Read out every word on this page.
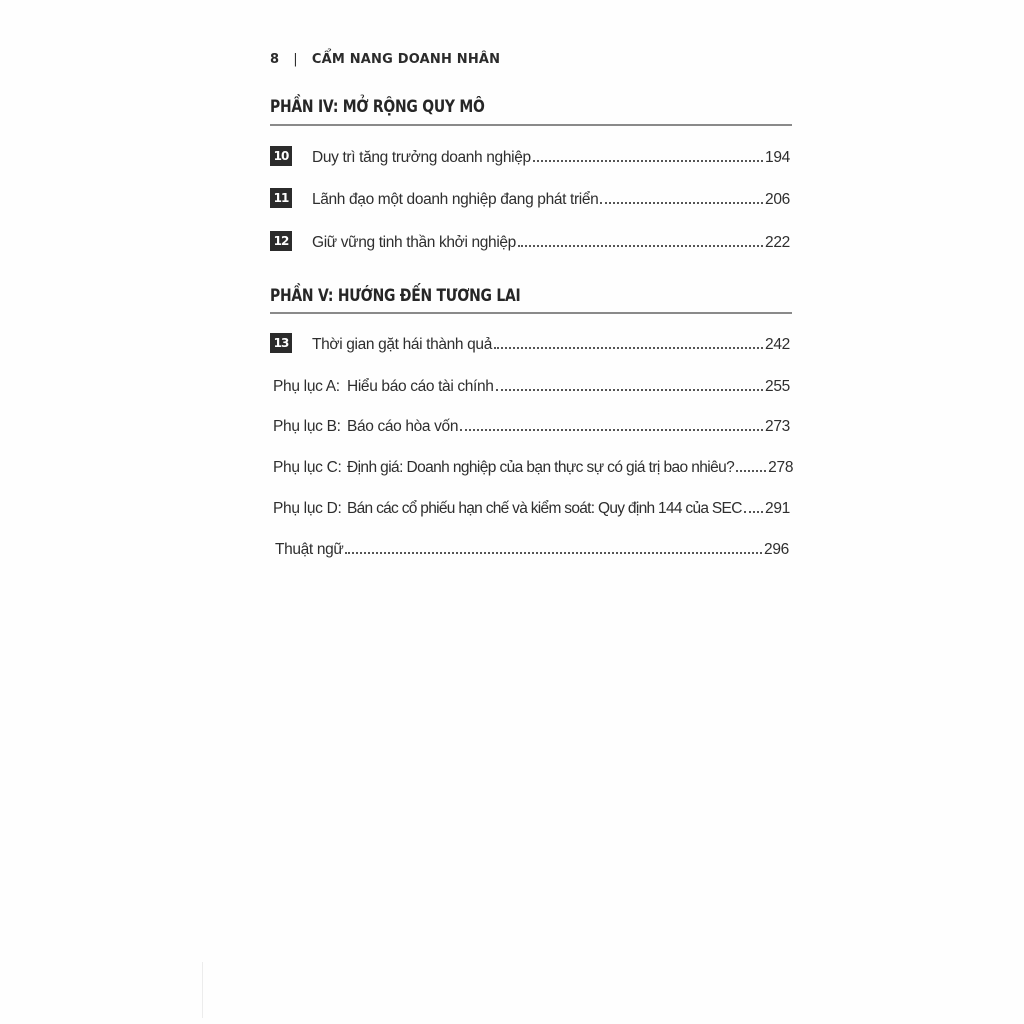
8 | CẨM NANG DOANH NHÂN
PHẦN IV: MỞ RỘNG QUY MÔ
10 Duy trì tăng trưởng doanh nghiệp	194
11 Lãnh đạo một doanh nghiệp đang phát triển	206
12 Giữ vững tinh thần khởi nghiệp	222
PHẦN V: HƯỚNG ĐẾN TƯƠNG LAI
13 Thời gian gặt hái thành quả	242
Phụ lục A: Hiểu báo cáo tài chính	255
Phụ lục B: Báo cáo hòa vốn	273
Phụ lục C: Định giá: Doanh nghiệp của bạn thực sự có giá trị bao nhiêu? 278
Phụ lục D: Bán các cổ phiếu hạn chế và kiểm soát: Quy định 144 của SEC 291
Thuật ngữ	296
